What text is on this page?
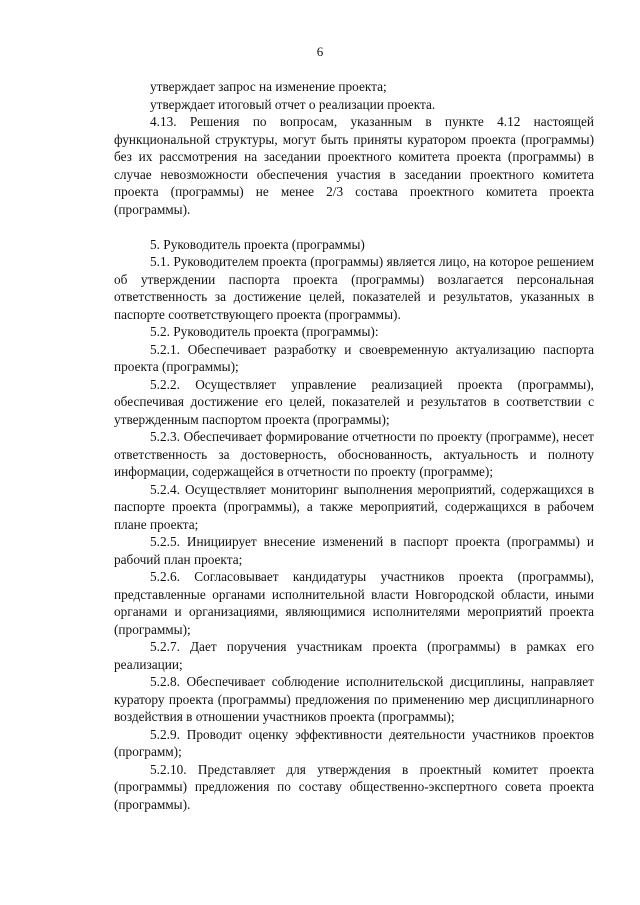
6

утверждает запрос на изменение проекта;

утверждает итоговый отчет о реализации проекта.

4.13. Решения по вопросам, указанным в пункте 4.12 настоящей функциональной структуры, могут быть приняты куратором проекта (программы) без их рассмотрения на заседании проектного комитета проекта (программы) в случае невозможности обеспечения участия в заседании проектного комитета проекта (программы) не менее 2/3 состава проектного комитета проекта (программы).

5. Руководитель проекта (программы)

5.1. Руководителем проекта (программы) является лицо, на которое решением об утверждении паспорта проекта (программы) возлагается персональная ответственность за достижение целей, показателей и результатов, указанных в паспорте соответствующего проекта (программы).

5.2. Руководитель проекта (программы):

5.2.1. Обеспечивает разработку и своевременную актуализацию паспорта проекта (программы);

5.2.2. Осуществляет управление реализацией проекта (программы), обеспечивая достижение его целей, показателей и результатов в соответствии с утвержденным паспортом проекта (программы);

5.2.3. Обеспечивает формирование отчетности по проекту (программе), несет ответственность за достоверность, обоснованность, актуальность и полноту информации, содержащейся в отчетности по проекту (программе);

5.2.4. Осуществляет мониторинг выполнения мероприятий, содержащихся в паспорте проекта (программы), а также мероприятий, содержащихся в рабочем плане проекта;

5.2.5. Инициирует внесение изменений в паспорт проекта (программы) и рабочий план проекта;

5.2.6. Согласовывает кандидатуры участников проекта (программы), представленные органами исполнительной власти Новгородской области, иными органами и организациями, являющимися исполнителями мероприятий проекта (программы);

5.2.7. Дает поручения участникам проекта (программы) в рамках его реализации;

5.2.8. Обеспечивает соблюдение исполнительской дисциплины, направляет куратору проекта (программы) предложения по применению мер дисциплинарного воздействия в отношении участников проекта (программы);

5.2.9. Проводит оценку эффективности деятельности участников проектов (программ);

5.2.10. Представляет для утверждения в проектный комитет проекта (программы) предложения по составу общественно-экспертного совета проекта (программы).
